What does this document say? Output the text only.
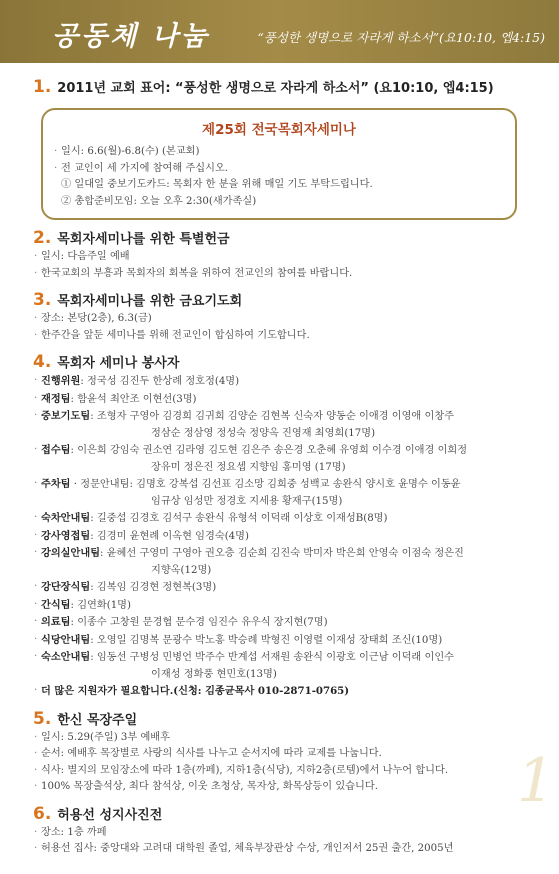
공동체 나눔	“풍성한 생명으로 자라게 하소서”(요10:10, 엡4:15)
1. 2011년 교회 표어: “풍성한 생명으로 자라게 하소서” (요10:10, 엡4:15)
제25회 전국목회자세미나
· 일시: 6.6(월)-6.8(수) (본교회)
· 전 교인이 세 가지에 참여해 주십시오.
① 일대일 중보기도카드: 목회자 한 분을 위해 매일 기도 부탁드립니다.
② 총합준비모임: 오늘 오후 2:30(새가족실)
2. 목회자세미나를 위한 특별헌금
· 일시: 다음주일 예배
· 한국교회의 부흥과 목회자의 회복을 위하여 전교인의 참여를 바랍니다.
3. 목회자세미나를 위한 금요기도회
· 장소: 본당(2층), 6.3(금)
· 한주간을 앞둔 세미나를 위해 전교인이 합심하여 기도합니다.
4. 목회자 세미나 봉사자
· 진행위원: 정국성 김진두 한상례 정호정(4명)
· 재정팀: 함윤석 최안조 이현선(3명)
· 중보기도팀: 조형자 구영아 김경희 김귀희 김양순 김현복 신숙자 양동순 이애경 이영애 이창주
정삼순 정삼영 정성숙 정양옥 진영재 최영희(17명)
· 접수팀: 이은희 강임숙 권소연 김라영 김도현 김은주 송은경 오춘혜 유영희 이수경 이애경 이희정
장유미 정은진 정요셉 지향임 홍미영 (17명)
· 주차팀 · 정문안내팀: 김명호 강복섭 김선표 김소망 김희중 성백교 송완식 양시호 윤명수 이동윤
임규상 임성만 정경호 지세용 황재구(15명)
· 숙차안내팀: 길중섭 김경호 김석구 송완식 유형석 이덕래 이상호 이재성B(8명)
· 강사영접팀: 김경미 윤현례 이옥현 임경숙(4명)
· 강의실안내팀: 윤혜선 구영미 구영아 권오층 김순희 김진숙 박미자 박은희 안영숙 이점숙 정은진
지향옥(12명)
· 강단장식팀: 김복임 김경현 정현복(3명)
· 간식팀: 김연화(1명)
· 의료팀: 이종수 고창원 문경협 문수경 임진수 유우식 장지현(7명)
· 식당안내팀: 오영일 김명복 문광수 박노홍 박승례 박형진 이영렬 이재성 장태희 조신(10명)
· 숙소안내팀: 임동선 구병성 민병언 박주수 반계섭 서재원 송완식 이광호 이근남 이덕래 이인수
이재성 정화풍 현민호(13명)
· 더 많은 지원자가 필요합니다.(신청: 김종균목사 010-2871-0765)
5. 한신 목장주일
· 일시: 5.29(주일) 3부 예배후
· 순서: 예배후 목장별로 사랑의 식사를 나누고 순서지에 따라 교제를 나눕니다.
· 식사: 별지의 모임장소에 따라 1층(까페), 지하1층(식당), 지하2층(로템)에서 나누어 합니다.
· 100% 목장출석상, 최다 참석상, 이웃 초청상, 목자상, 화목상등이 있습니다.
6. 허용선 성지사진전
· 장소: 1층 까페
· 허용선 집사: 중앙대와 고려대 대학원 졸업, 체육부장관상 수상, 개인저서 25권 출간, 2005년
1
